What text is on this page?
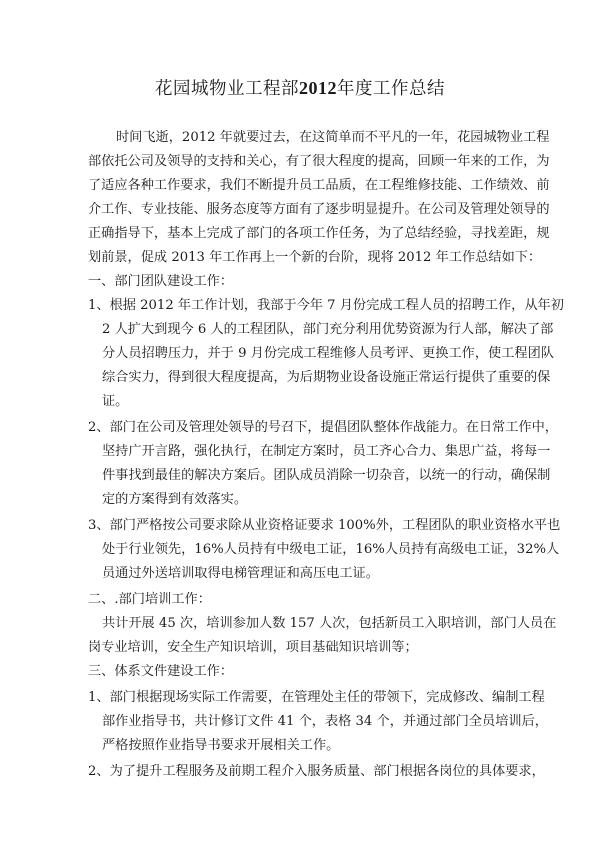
花园城物业工程部2012年度工作总结
时间飞逝，2012 年就要过去，在这简单而不平凡的一年，花园城物业工程
部依托公司及领导的支持和关心，有了很大程度的提高，回顾一年来的工作，为
了适应各种工作要求，我们不断提升员工品质，在工程维修技能、工作绩效、前
介工作、专业技能、服务态度等方面有了逐步明显提升。在公司及管理处领导的
正确指导下，基本上完成了部门的各项工作任务，为了总结经验，寻找差距，规
划前景，促成 2013 年工作再上一个新的台阶，现将 2012 年工作总结如下：
一、部门团队建设工作：
1、根据 2012 年工作计划，我部于今年 7 月份完成工程人员的招聘工作，从年初
2 人扩大到现今 6 人的工程团队，部门充分利用优势资源为行人部，解决了部
分人员招聘压力，并于 9 月份完成工程维修人员考评、更换工作，使工程团队
综合实力，得到很大程度提高，为后期物业设备设施正常运行提供了重要的保
证。
2、部门在公司及管理处领导的号召下，提倡团队整体作战能力。在日常工作中，
坚持广开言路，强化执行，在制定方案时，员工齐心合力、集思广益，将每一
件事找到最佳的解决方案后。团队成员消除一切杂音，以统一的行动，确保制
定的方案得到有效落实。
3、部门严格按公司要求除从业资格证要求 100%外，工程团队的职业资格水平也
处于行业领先，16%人员持有中级电工证，16%人员持有高级电工证，32%人
员通过外送培训取得电梯管理证和高压电工证。
二、.部门培训工作：
共计开展 45 次，培训参加人数 157 人次，包括新员工入职培训，部门人员在
岗专业培训，安全生产知识培训，项目基础知识培训等；
三、体系文件建设工作：
1、部门根据现场实际工作需要，在管理处主任的带领下，完成修改、编制工程
部作业指导书，共计修订文件 41 个，表格 34 个，并通过部门全员培训后，
严格按照作业指导书要求开展相关工作。
2、为了提升工程服务及前期工程介入服务质量、部门根据各岗位的具体要求，
